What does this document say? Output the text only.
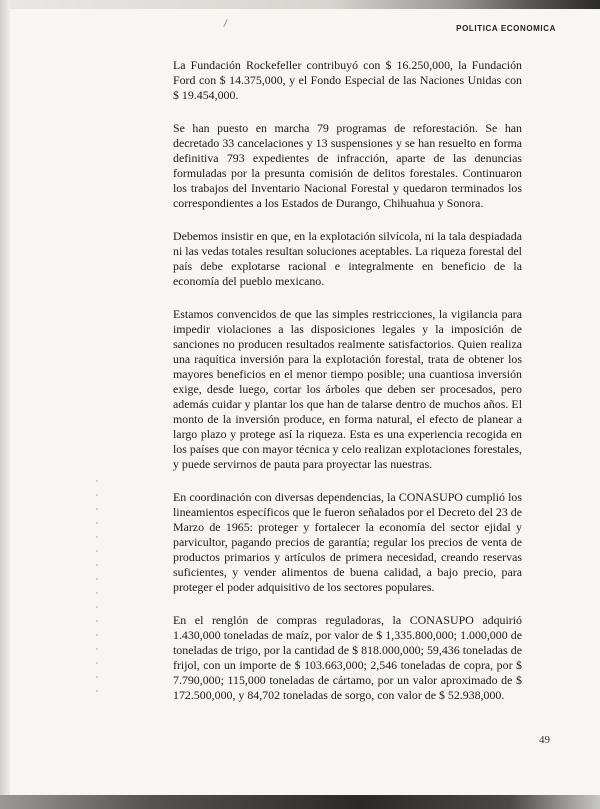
POLITICA ECONOMICA

La Fundación Rockefeller contribuyó con $ 16.250,000, la Fundación Ford con $ 14.375,000, y el Fondo Especial de las Naciones Unidas con $ 19.454,000.

Se han puesto en marcha 79 programas de reforestación. Se han decretado 33 cancelaciones y 13 suspensiones y se han resuelto en forma definitiva 793 expedientes de infracción, aparte de las denuncias formuladas por la presunta comisión de delitos forestales. Continuaron los trabajos del Inventario Nacional Forestal y quedaron terminados los correspondientes a los Estados de Durango, Chihuahua y Sonora.

Debemos insistir en que, en la explotación silvícola, ni la tala despiadada ni las vedas totales resultan soluciones aceptables. La riqueza forestal del país debe explotarse racional e integralmente en beneficio de la economía del pueblo mexicano.

Estamos convencidos de que las simples restricciones, la vigilancia para impedir violaciones a las disposiciones legales y la imposición de sanciones no producen resultados realmente satisfactorios. Quien realiza una raquítica inversión para la explotación forestal, trata de obtener los mayores beneficios en el menor tiempo posible; una cuantiosa inversión exige, desde luego, cortar los árboles que deben ser procesados, pero además cuidar y plantar los que han de talarse dentro de muchos años. El monto de la inversión produce, en forma natural, el efecto de planear a largo plazo y protege así la riqueza. Esta es una experiencia recogida en los países que con mayor técnica y celo realizan explotaciones forestales, y puede servirnos de pauta para proyectar las nuestras.

En coordinación con diversas dependencias, la CONASUPO cumplió los lineamientos específicos que le fueron señalados por el Decreto del 23 de Marzo de 1965: proteger y fortalecer la economía del sector ejidal y parvicultor, pagando precios de garantía; regular los precios de venta de productos primarios y artículos de primera necesidad, creando reservas suficientes, y vender alimentos de buena calidad, a bajo precio, para proteger el poder adquisitivo de los sectores populares.

En el renglón de compras reguladoras, la CONASUPO adquirió 1.430,000 toneladas de maíz, por valor de $ 1,335.800,000; 1.000,000 de toneladas de trigo, por la cantidad de $ 818.000,000; 59,436 toneladas de frijol, con un importe de $ 103.663,000; 2,546 toneladas de copra, por $ 7.790,000; 115,000 toneladas de cártamo, por un valor aproximado de $ 172.500,000, y 84,702 toneladas de sorgo, con valor de $ 52.938,000.

49
